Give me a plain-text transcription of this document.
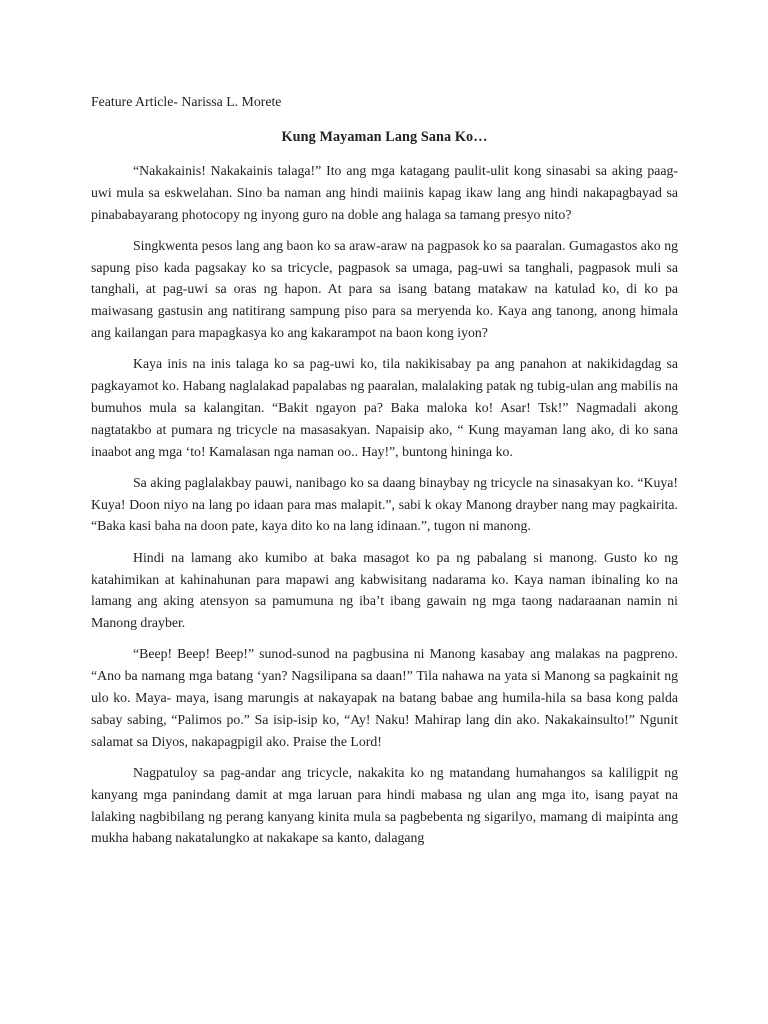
Feature Article- Narissa L. Morete
Kung Mayaman Lang Sana Ko…

“Nakakainis! Nakakainis talaga!” Ito ang mga katagang paulit-ulit kong sinasabi sa aking paag-uwi mula sa eskwelahan. Sino ba naman ang hindi maiinis kapag ikaw lang ang hindi nakapagbayad sa pinababayarang photocopy ng inyong guro na doble ang halaga sa tamang presyo nito?

Singkwenta pesos lang ang baon ko sa araw-araw na pagpasok ko sa paaralan. Gumagastos ako ng sapung piso kada pagsakay ko sa tricycle, pagpasok sa umaga, pag-uwi sa tanghali, pagpasok muli sa tanghali, at pag-uwi sa oras ng hapon. At para sa isang batang matakaw na katulad ko, di ko pa maiwasang gastusin ang natitirang sampung piso para sa meryenda ko. Kaya ang tanong, anong himala ang kailangan para mapagkasya ko ang kakarampot na baon kong iyon?

Kaya inis na inis talaga ko sa pag-uwi ko, tila nakikisabay pa ang panahon at nakikidagdag sa pagkayamot ko. Habang naglalakad papalabas ng paaralan, malalaking patak ng tubig-ulan ang mabilis na bumuhos mula sa kalangitan. “Bakit ngayon pa? Baka maloka ko! Asar! Tsk!” Nagmadali akong nagtatakbo at pumara ng tricycle na masasakyan. Napaisip ako, “ Kung mayaman lang ako, di ko sana inaabot ang mga ‘to! Kamalasan nga naman oo.. Hay!”, buntong hininga ko.

Sa aking paglalakbay pauwi, nanibago ko sa daang binaybay ng tricycle na sinasakyan ko. “Kuya! Kuya! Doon niyo na lang po idaan para mas malapit.”, sabi k okay Manong drayber nang may pagkairita. “Baka kasi baha na doon pate, kaya dito ko na lang idinaan.”, tugon ni manong.

Hindi na lamang ako kumibo at baka masagot ko pa ng pabalang si manong. Gusto ko ng katahimikan at kahinahunan para mapawi ang kabwisitang nadarama ko. Kaya naman ibinaling ko na lamang ang aking atensyon sa pamumuna ng iba’t ibang gawain ng mga taong nadaraanan namin ni Manong drayber.

“Beep! Beep! Beep!” sunod-sunod na pagbusina ni Manong kasabay ang malakas na pagpreno. “Ano ba namang mga batang ‘yan? Nagsilipana sa daan!” Tila nahawa na yata si Manong sa pagkainit ng ulo ko. Maya- maya, isang marungis at nakayapak na batang babae ang humila-hila sa basa kong palda sabay sabing, “Palimos po.” Sa isip-isip ko, “Ay! Naku! Mahirap lang din ako. Nakakainsulto!” Ngunit salamat sa Diyos, nakapagpigil ako. Praise the Lord!

Nagpatuloy sa pag-andar ang tricycle, nakakita ko ng matandang humahangos sa kaliligpit ng kanyang mga panindang damit at mga laruan para hindi mabasa ng ulan ang mga ito, isang payat na lalaking nagbibilang ng perang kanyang kinita mula sa pagbebenta ng sigarilyo, mamang di maipinta ang mukha habang nakatalungko at nakakape sa kanto, dalagang
